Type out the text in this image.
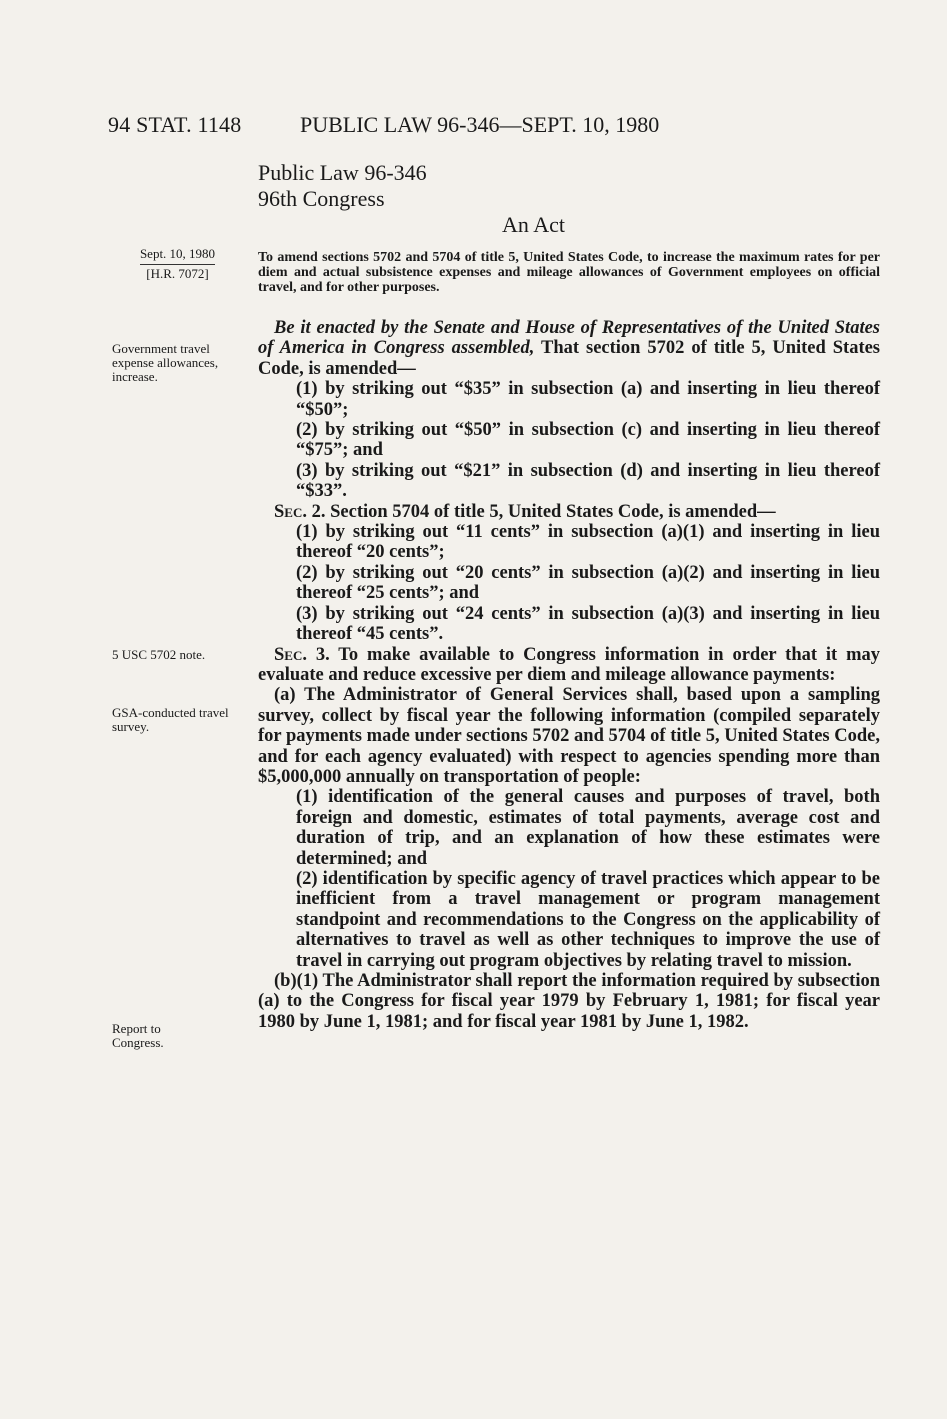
94 STAT. 1148	PUBLIC LAW 96-346—SEPT. 10, 1980
Public Law 96-346
96th Congress
An Act
Sept. 10, 1980
[H.R. 7072]
To amend sections 5702 and 5704 of title 5, United States Code, to increase the maximum rates for per diem and actual subsistence expenses and mileage allowances of Government employees on official travel, and for other purposes.
Government travel expense allowances, increase.
5 USC 5702 note.
GSA-conducted travel survey.
Report to Congress.

Be it enacted by the Senate and House of Representatives of the United States of America in Congress assembled, That section 5702 of title 5, United States Code, is amended—

(1) by striking out “$35” in subsection (a) and inserting in lieu thereof “$50”;

(2) by striking out “$50” in subsection (c) and inserting in lieu thereof “$75”; and

(3) by striking out “$21” in subsection (d) and inserting in lieu thereof “$33”.

Sec. 2. Section 5704 of title 5, United States Code, is amended—

(1) by striking out “11 cents” in subsection (a)(1) and inserting in lieu thereof “20 cents”;

(2) by striking out “20 cents” in subsection (a)(2) and inserting in lieu thereof “25 cents”; and

(3) by striking out “24 cents” in subsection (a)(3) and inserting in lieu thereof “45 cents”.

Sec. 3. To make available to Congress information in order that it may evaluate and reduce excessive per diem and mileage allowance payments:

(a) The Administrator of General Services shall, based upon a sampling survey, collect by fiscal year the following information (compiled separately for payments made under sections 5702 and 5704 of title 5, United States Code, and for each agency evaluated) with respect to agencies spending more than $5,000,000 annually on transportation of people:

(1) identification of the general causes and purposes of travel, both foreign and domestic, estimates of total payments, average cost and duration of trip, and an explanation of how these estimates were determined; and

(2) identification by specific agency of travel practices which appear to be inefficient from a travel management or program management standpoint and recommendations to the Congress on the applicability of alternatives to travel as well as other techniques to improve the use of travel in carrying out program objectives by relating travel to mission.

(b)(1) The Administrator shall report the information required by subsection (a) to the Congress for fiscal year 1979 by February 1, 1981; for fiscal year 1980 by June 1, 1981; and for fiscal year 1981 by June 1, 1982.
